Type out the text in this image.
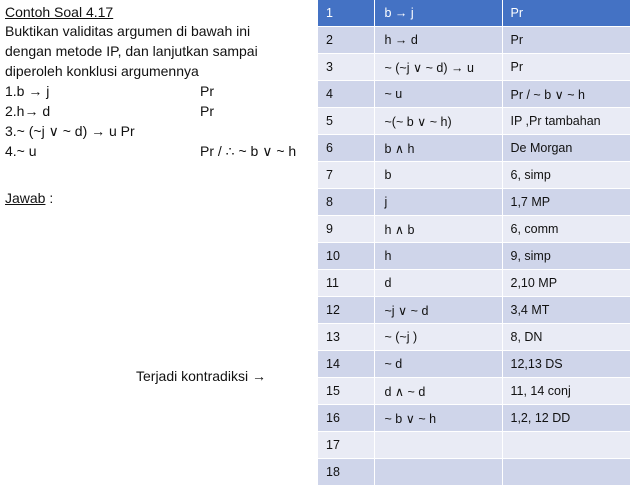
Contoh Soal 4.17
Buktikan validitas argumen di bawah ini
dengan metode IP, dan lanjutkan sampai
diperoleh konklusi argumennya
1.b → j	Pr
2.h→ d	Pr
3.~ (~j ∨ ~ d) → u Pr
4.~ u	Pr / ∴ ~ b ∨ ~ h
Jawab :
Terjadi kontradiksi →
1	b → j	Pr
2	h → d	Pr
3	~ (~j ∨ ~ d) → u	Pr
4	~ u	Pr / ~ b ∨ ~ h
5	~(~ b ∨ ~ h)	IP ,Pr tambahan
6	b ∧ h	De Morgan
7	b	6, simp
8	j	1,7 MP
9	h ∧ b	6, comm
10	h	9, simp
11	d	2,10 MP
12	~j ∨ ~ d	3,4 MT
13	~ (~j )	8, DN
14	~ d	12,13 DS
15	d ∧ ~ d	11, 14 conj
16	~ b ∨ ~ h	1,2, 12 DD
17		
18		
